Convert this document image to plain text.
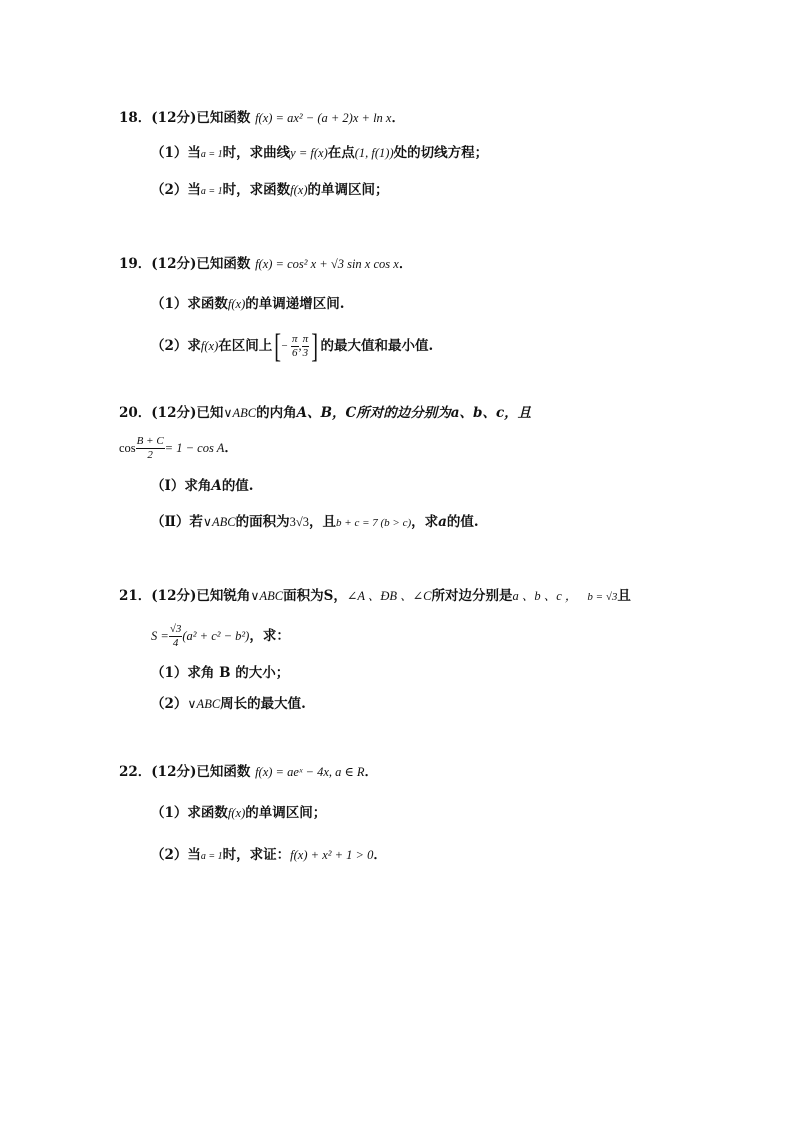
18．(12分)已知函数 f(x) = ax² − (a + 2)x + ln x．
（1）当a = 1时，求曲线y = f(x)在点(1, f(1))处的切线方程；
（2）当a = 1时，求函数f(x)的单调区间；
19．(12分)已知函数 f(x) = cos² x + √3 sin x cos x．
（1）求函数f(x)的单调递增区间.
（2）求f(x)在区间上[− $\frac{\pi}{6}$ , $\frac{\pi}{3}$ ] 的最大值和最小值.
20．(12分)已知∨ABC的内角A、B，C所对的边分别为a、b、c，且
$\cos \frac{B + C}{2} = 1 - \cos A$．
（Ⅰ）求角A的值.
（Ⅱ）若∨ABC的面积为3√3，且b + c = 7 (b > c)，求a的值.
21．(12分)已知锐角∨ABC面积为S，∠A 、ÐB 、∠C所对边分别是a 、b 、c ， b = √3且
$S = \frac{√3}{4} (a^2 + c^2 - b^2)$，求：
（1）求角 B 的大小；
（2）∨ABC周长的最大值.
22．(12分)已知函数 f(x) = aeˣ − 4x, a ∈ R．
（1）求函数f(x)的单调区间；
（2）当a = 1时，求证：f(x) + x² + 1 > 0．
